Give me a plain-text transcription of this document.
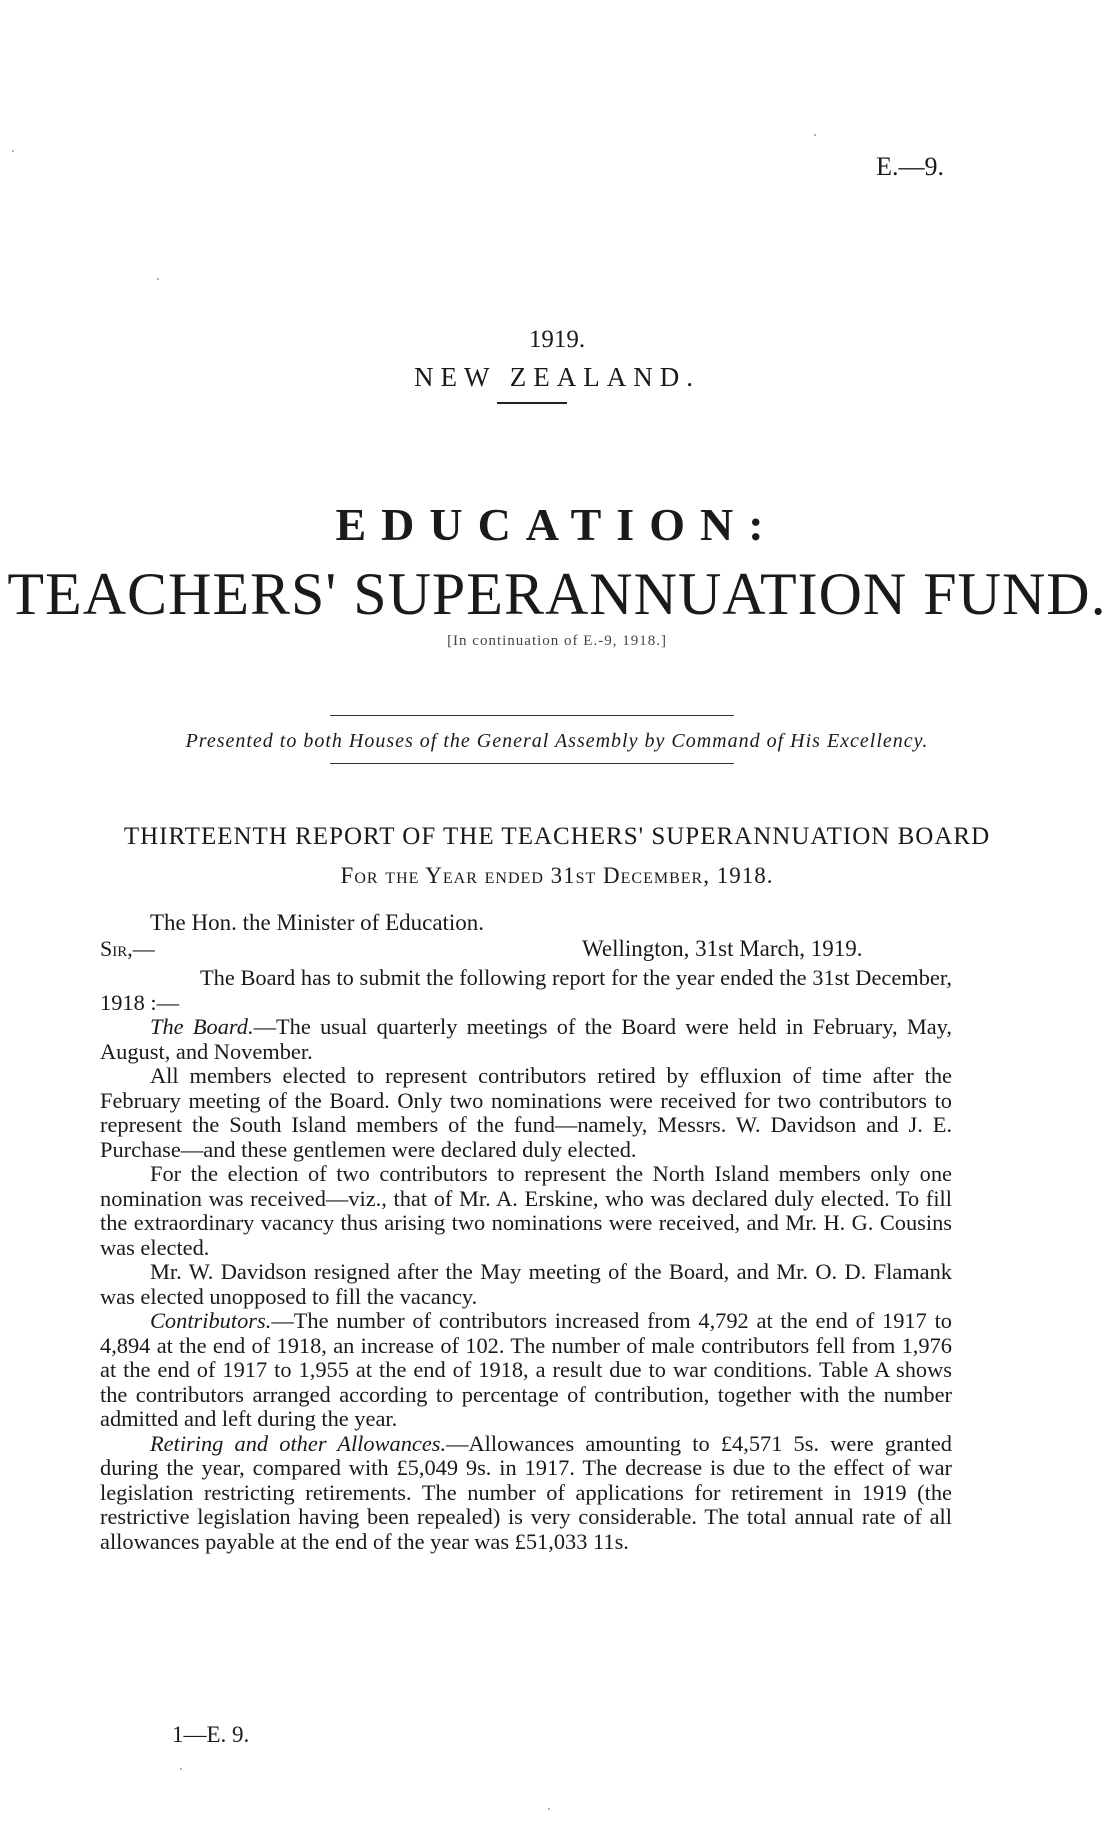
E.—9.
1919.
NEW ZEALAND.
EDUCATION:
TEACHERS' SUPERANNUATION FUND.
[In continuation of E.-9, 1918.]
Presented to both Houses of the General Assembly by Command of His Excellency.
THIRTEENTH REPORT OF THE TEACHERS' SUPERANNUATION BOARD
For the Year ended 31st December, 1918.
The Hon. the Minister of Education.
Sir,—	Wellington, 31st March, 1919.

The Board has to submit the following report for the year ended the 31st December, 1918 :—

The Board.—The usual quarterly meetings of the Board were held in February, May, August, and November.

All members elected to represent contributors retired by effluxion of time after the February meeting of the Board. Only two nominations were received for two contributors to represent the South Island members of the fund—namely, Messrs. W. Davidson and J. E. Purchase—and these gentlemen were declared duly elected.

For the election of two contributors to represent the North Island members only one nomination was received—viz., that of Mr. A. Erskine, who was declared duly elected. To fill the extraordinary vacancy thus arising two nominations were received, and Mr. H. G. Cousins was elected.

Mr. W. Davidson resigned after the May meeting of the Board, and Mr. O. D. Flamank was elected unopposed to fill the vacancy.

Contributors.—The number of contributors increased from 4,792 at the end of 1917 to 4,894 at the end of 1918, an increase of 102. The number of male contributors fell from 1,976 at the end of 1917 to 1,955 at the end of 1918, a result due to war conditions. Table A shows the contributors arranged according to percentage of contribution, together with the number admitted and left during the year.

Retiring and other Allowances.—Allowances amounting to £4,571 5s. were granted during the year, compared with £5,049 9s. in 1917. The decrease is due to the effect of war legislation restricting retirements. The number of applications for retirement in 1919 (the restrictive legislation having been repealed) is very considerable. The total annual rate of all allowances payable at the end of the year was £51,033 11s.

1—E. 9.
